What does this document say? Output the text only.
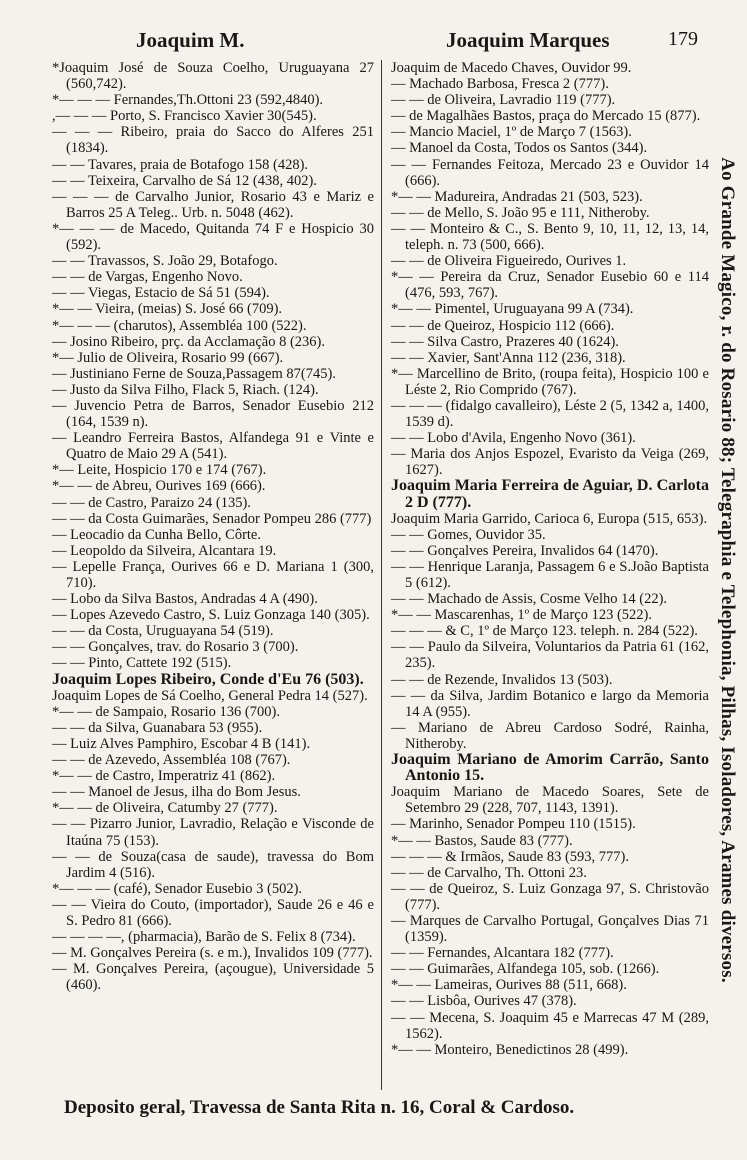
Joaquim M.	Joaquim Marques	179
*Joaquim José de Souza Coelho, Uruguayana 27 (560,742).
*— — — Fernandes,Th.Ottoni 23 (592,4840).
,— — — Porto, S. Francisco Xavier 30(545).
— — — Ribeiro, praia do Sacco do Alferes 251 (1834).
— — Tavares, praia de Botafogo 158 (428).
— — Teixeira, Carvalho de Sá 12 (438, 402).
— — — de Carvalho Junior, Rosario 43 e Mariz e Barros 25 A Teleg.. Urb. n. 5048 (462).
*— — — de Macedo, Quitanda 74 F e Hospicio 30 (592).
— — Travassos, S. João 29, Botafogo.
— — de Vargas, Engenho Novo.
— — Viegas, Estacio de Sá 51 (594).
*— — Vieira, (meias) S. José 66 (709).
*— — — (charutos), Assembléa 100 (522).
— Josino Ribeiro, prç. da Acclamação 8 (236).
*— Julio de Oliveira, Rosario 99 (667).
— Justiniano Ferne de Souza,Passagem 87(745).
— Justo da Silva Filho, Flack 5, Riach. (124).
— Juvencio Petra de Barros, Senador Eusebio 212 (164, 1539 n).
— Leandro Ferreira Bastos, Alfandega 91 e Vinte e Quatro de Maio 29 A (541).
*— Leite, Hospicio 170 e 174 (767).
*— — de Abreu, Ourives 169 (666).
— — de Castro, Paraizo 24 (135).
— — da Costa Guimarães, Senador Pompeu 286 (777)
— Leocadio da Cunha Bello, Côrte.
— Leopoldo da Silveira, Alcantara 19.
— Lepelle França, Ourives 66 e D. Mariana 1 (300, 710).
— Lobo da Silva Bastos, Andradas 4 A (490).
— Lopes Azevedo Castro, S. Luiz Gonzaga 140 (305).
— — da Costa, Uruguayana 54 (519).
— — Gonçalves, trav. do Rosario 3 (700).
— — Pinto, Cattete 192 (515).
Joaquim Lopes Ribeiro, Conde d'Eu 76 (503).
Joaquim Lopes de Sá Coelho, General Pedra 14 (527).
*— — de Sampaio, Rosario 136 (700).
— — da Silva, Guanabara 53 (955).
— Luiz Alves Pamphiro, Escobar 4 B (141).
— — de Azevedo, Assembléa 108 (767).
*— — de Castro, Imperatriz 41 (862).
— — Manoel de Jesus, ilha do Bom Jesus.
*— — de Oliveira, Catumby 27 (777).
— — Pizarro Junior, Lavradio, Relação e Visconde de Itaúna 75 (153).
— — de Souza(casa de saude), travessa do Bom Jardim 4 (516).
*— — — (café), Senador Eusebio 3 (502).
— — Vieira do Couto, (importador), Saude 26 e 46 e S. Pedro 81 (666).
— — — —, (pharmacia), Barão de S. Felix 8 (734).
— M. Gonçalves Pereira (s. e m.), Invalidos 109 (777).
— M. Gonçalves Pereira, (açougue), Universidade 5 (460).
Joaquim de Macedo Chaves, Ouvidor 99.
— Machado Barbosa, Fresca 2 (777).
— — de Oliveira, Lavradio 119 (777).
— de Magalhães Bastos, praça do Mercado 15 (877).
— Mancio Maciel, 1º de Março 7 (1563).
— Manoel da Costa, Todos os Santos (344).
— — Fernandes Feitoza, Mercado 23 e Ouvidor 14 (666).
*— — Madureira, Andradas 21 (503, 523).
— — de Mello, S. João 95 e 111, Nitheroby.
— — Monteiro & C., S. Bento 9, 10, 11, 12, 13, 14, teleph. n. 73 (500, 666).
— — de Oliveira Figueiredo, Ourives 1.
*— — Pereira da Cruz, Senador Eusebio 60 e 114 (476, 593, 767).
*— — Pimentel, Uruguayana 99 A (734).
— — de Queiroz, Hospicio 112 (666).
— — Silva Castro, Prazeres 40 (1624).
— — Xavier, Sant'Anna 112 (236, 318).
*— Marcellino de Brito, (roupa feita), Hospicio 100 e Léste 2, Rio Comprido (767).
— — — (fidalgo cavalleiro), Léste 2 (5, 1342 a, 1400, 1539 d).
— — Lobo d'Avila, Engenho Novo (361).
— Maria dos Anjos Espozel, Evaristo da Veiga (269, 1627).
Joaquim Maria Ferreira de Aguiar, D. Carlota 2 D (777).
Joaquim Maria Garrido, Carioca 6, Europa (515, 653).
— — Gomes, Ouvidor 35.
— — Gonçalves Pereira, Invalidos 64 (1470).
— — Henrique Laranja, Passagem 6 e S.João Baptista 5 (612).
— — Machado de Assis, Cosme Velho 14 (22).
*— — Mascarenhas, 1º de Março 123 (522).
— — — & C, 1º de Março 123. teleph. n. 284 (522).
— — Paulo da Silveira, Voluntarios da Patria 61 (162, 235).
— — de Rezende, Invalidos 13 (503).
— — da Silva, Jardim Botanico e largo da Memoria 14 A (955).
— Mariano de Abreu Cardoso Sodré, Rainha, Nitheroby.
Joaquim Mariano de Amorim Carrão, Santo Antonio 15.
Joaquim Mariano de Macedo Soares, Sete de Setembro 29 (228, 707, 1143, 1391).
— Marinho, Senador Pompeu 110 (1515).
*— — Bastos, Saude 83 (777).
— — — & Irmãos, Saude 83 (593, 777).
— — de Carvalho, Th. Ottoni 23.
— — de Queiroz, S. Luiz Gonzaga 97, S. Christovão (777).
— Marques de Carvalho Portugal, Gonçalves Dias 71 (1359).
— — Fernandes, Alcantara 182 (777).
— — Guimarães, Alfandega 105, sob. (1266).
*— — Lameiras, Ourives 88 (511, 668).
— — Lisbôa, Ourives 47 (378).
— — Mecena, S. Joaquim 45 e Marrecas 47 M (289, 1562).
*— — Monteiro, Benedictinos 28 (499).
Ao Grande Magico, r. do Rosario 88; Telegraphia e Telephonia, Pilhas, Isoladores, Arames diversos.
Deposito geral, Travessa de Santa Rita n. 16, Coral & Cardoso.
